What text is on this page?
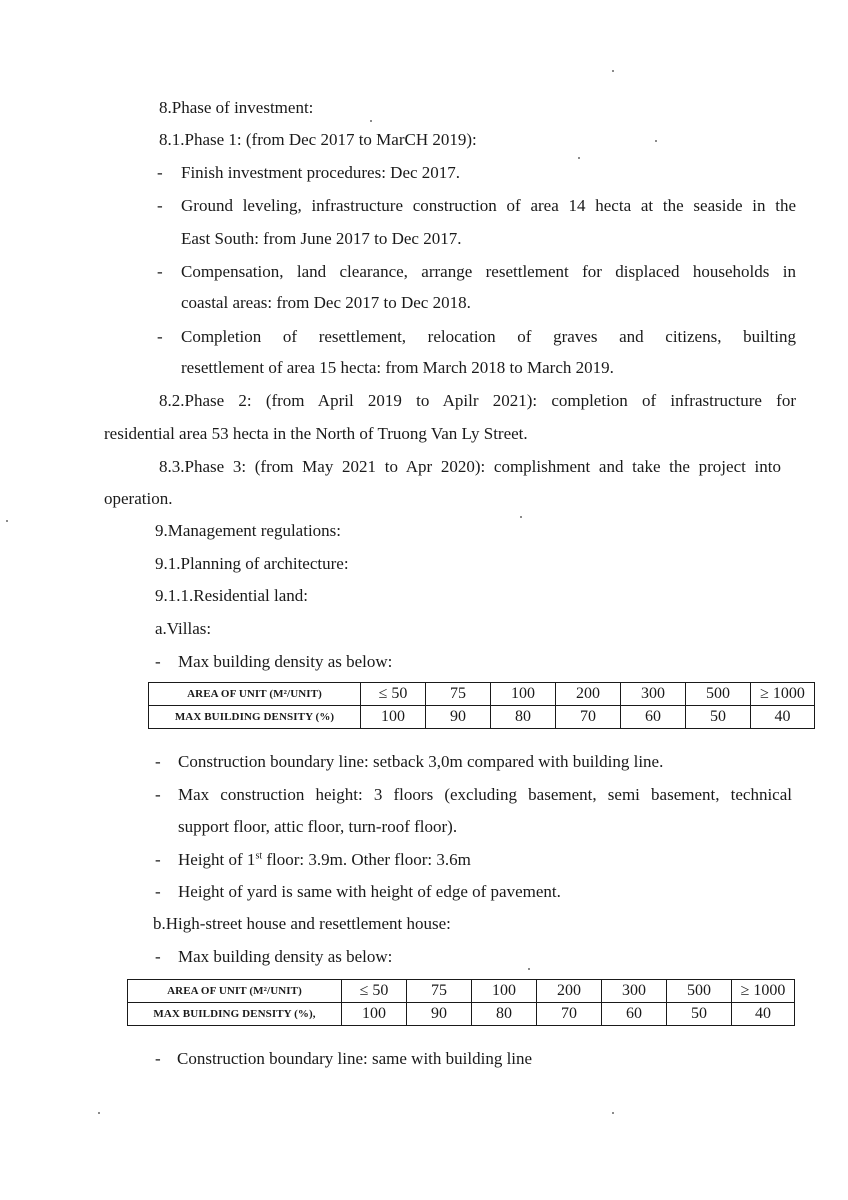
8.Phase of investment:
8.1.Phase 1: (from Dec 2017 to MarCH 2019):
- Finish investment procedures: Dec 2017.
- Ground leveling, infrastructure construction of area 14 hecta at the seaside in the
East South: from June 2017 to Dec 2017.
- Compensation, land clearance, arrange resettlement for displaced households in
coastal areas: from Dec 2017 to Dec 2018.
- Completion of resettlement, relocation of graves and citizens, builting
resettlement of area 15 hecta: from March 2018 to March 2019.
8.2.Phase 2: (from April 2019 to Apilr 2021): completion of infrastructure for
residential area 53 hecta in the North of Truong Van Ly Street.
8.3.Phase 3: (from May 2021 to Apr 2020): complishment and take the project into
operation.
9.Management regulations:
9.1.Planning of architecture:
9.1.1.Residential land:
a.Villas:
- Max building density as below:
AREA OF UNIT (M²/UNIT)	≤ 50	75	100	200	300	500	≥ 1000
MAX BUILDING DENSITY (%)	100	90	80	70	60	50	40
- Construction boundary line: setback 3,0m compared with building line.
- Max construction height: 3 floors (excluding basement, semi basement, technical
support floor, attic floor, turn-roof floor).
- Height of 1st floor: 3.9m. Other floor: 3.6m
- Height of yard is same with height of edge of pavement.
b.High-street house and resettlement house:
- Max building density as below:
AREA OF UNIT (M²/UNIT)	≤ 50	75	100	200	300	500	≥ 1000
MAX BUILDING DENSITY (%),	100	90	80	70	60	50	40
- Construction boundary line: same with building line
